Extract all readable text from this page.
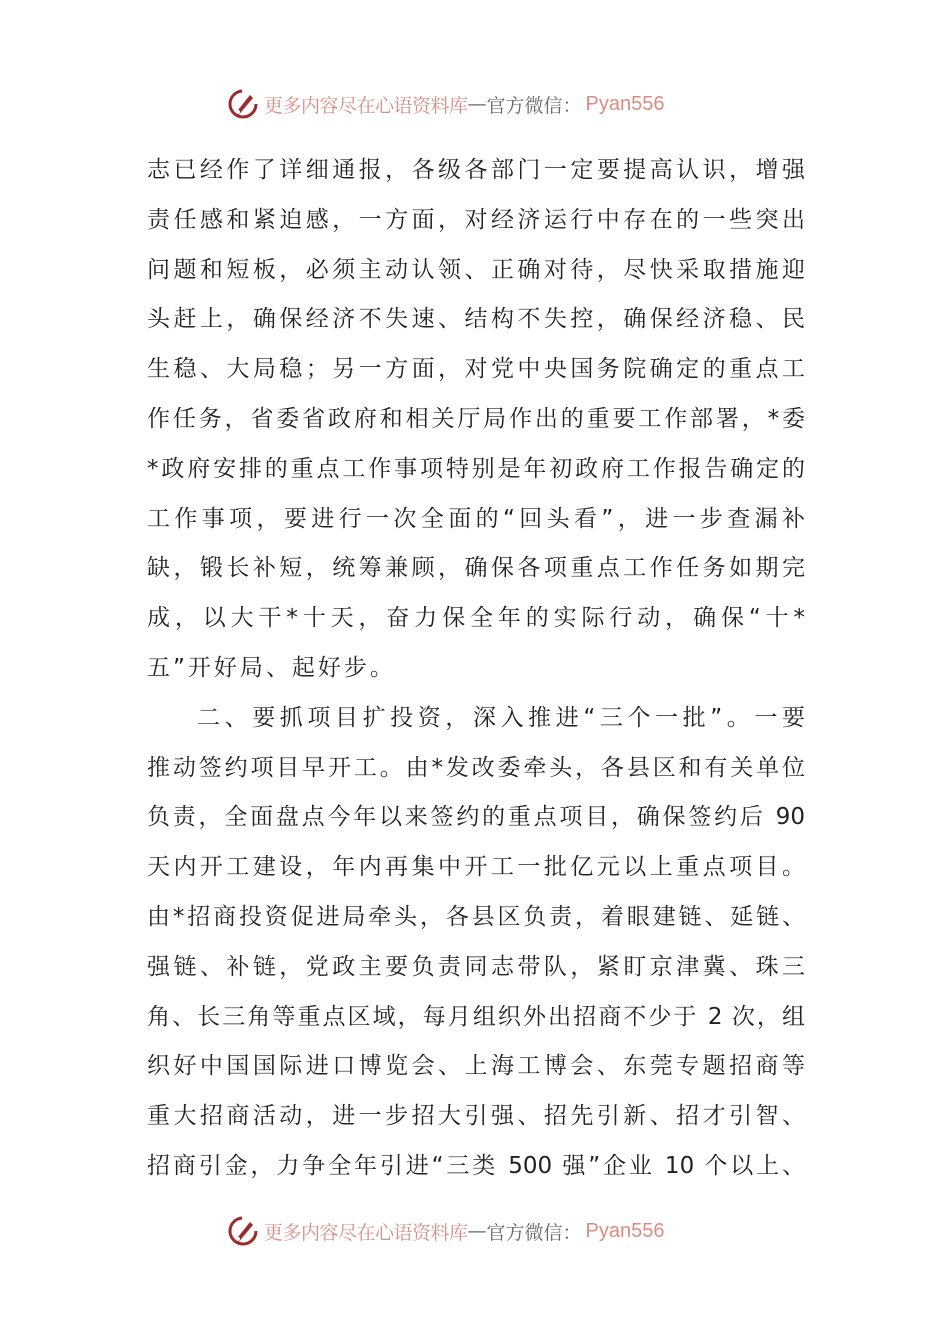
更多内容尽在心语资料库 — 官方微信： Pyan556
志已经作了详细通报，各级各部门一定要提高认识，增强
责任感和紧迫感，一方面，对经济运行中存在的一些突出
问题和短板，必须主动认领、正确对待，尽快采取措施迎
头赶上，确保经济不失速、结构不失控，确保经济稳、民
生稳、大局稳；另一方面，对党中央国务院确定的重点工
作任务，省委省政府和相关厅局作出的重要工作部署，*委
*政府安排的重点工作事项特别是年初政府工作报告确定的
工作事项，要进行一次全面的“回头看”，进一步查漏补
缺，锻长补短，统筹兼顾，确保各项重点工作任务如期完
成，以大干*十天，奋力保全年的实际行动，确保“十*
五”开好局、起好步。
二、要抓项目扩投资，深入推进“三个一批”。一要
推动签约项目早开工。由*发改委牵头，各县区和有关单位
负责，全面盘点今年以来签约的重点项目，确保签约后 90
天内开工建设，年内再集中开工一批亿元以上重点项目。
由*招商投资促进局牵头，各县区负责，着眼建链、延链、
强链、补链，党政主要负责同志带队，紧盯京津冀、珠三
角、长三角等重点区域，每月组织外出招商不少于 2 次，组
织好中国国际进口博览会、上海工博会、东莞专题招商等
重大招商活动，进一步招大引强、招先引新、招才引智、
招商引金，力争全年引进“三类 500 强”企业 10 个以上、
更多内容尽在心语资料库 — 官方微信： Pyan556
